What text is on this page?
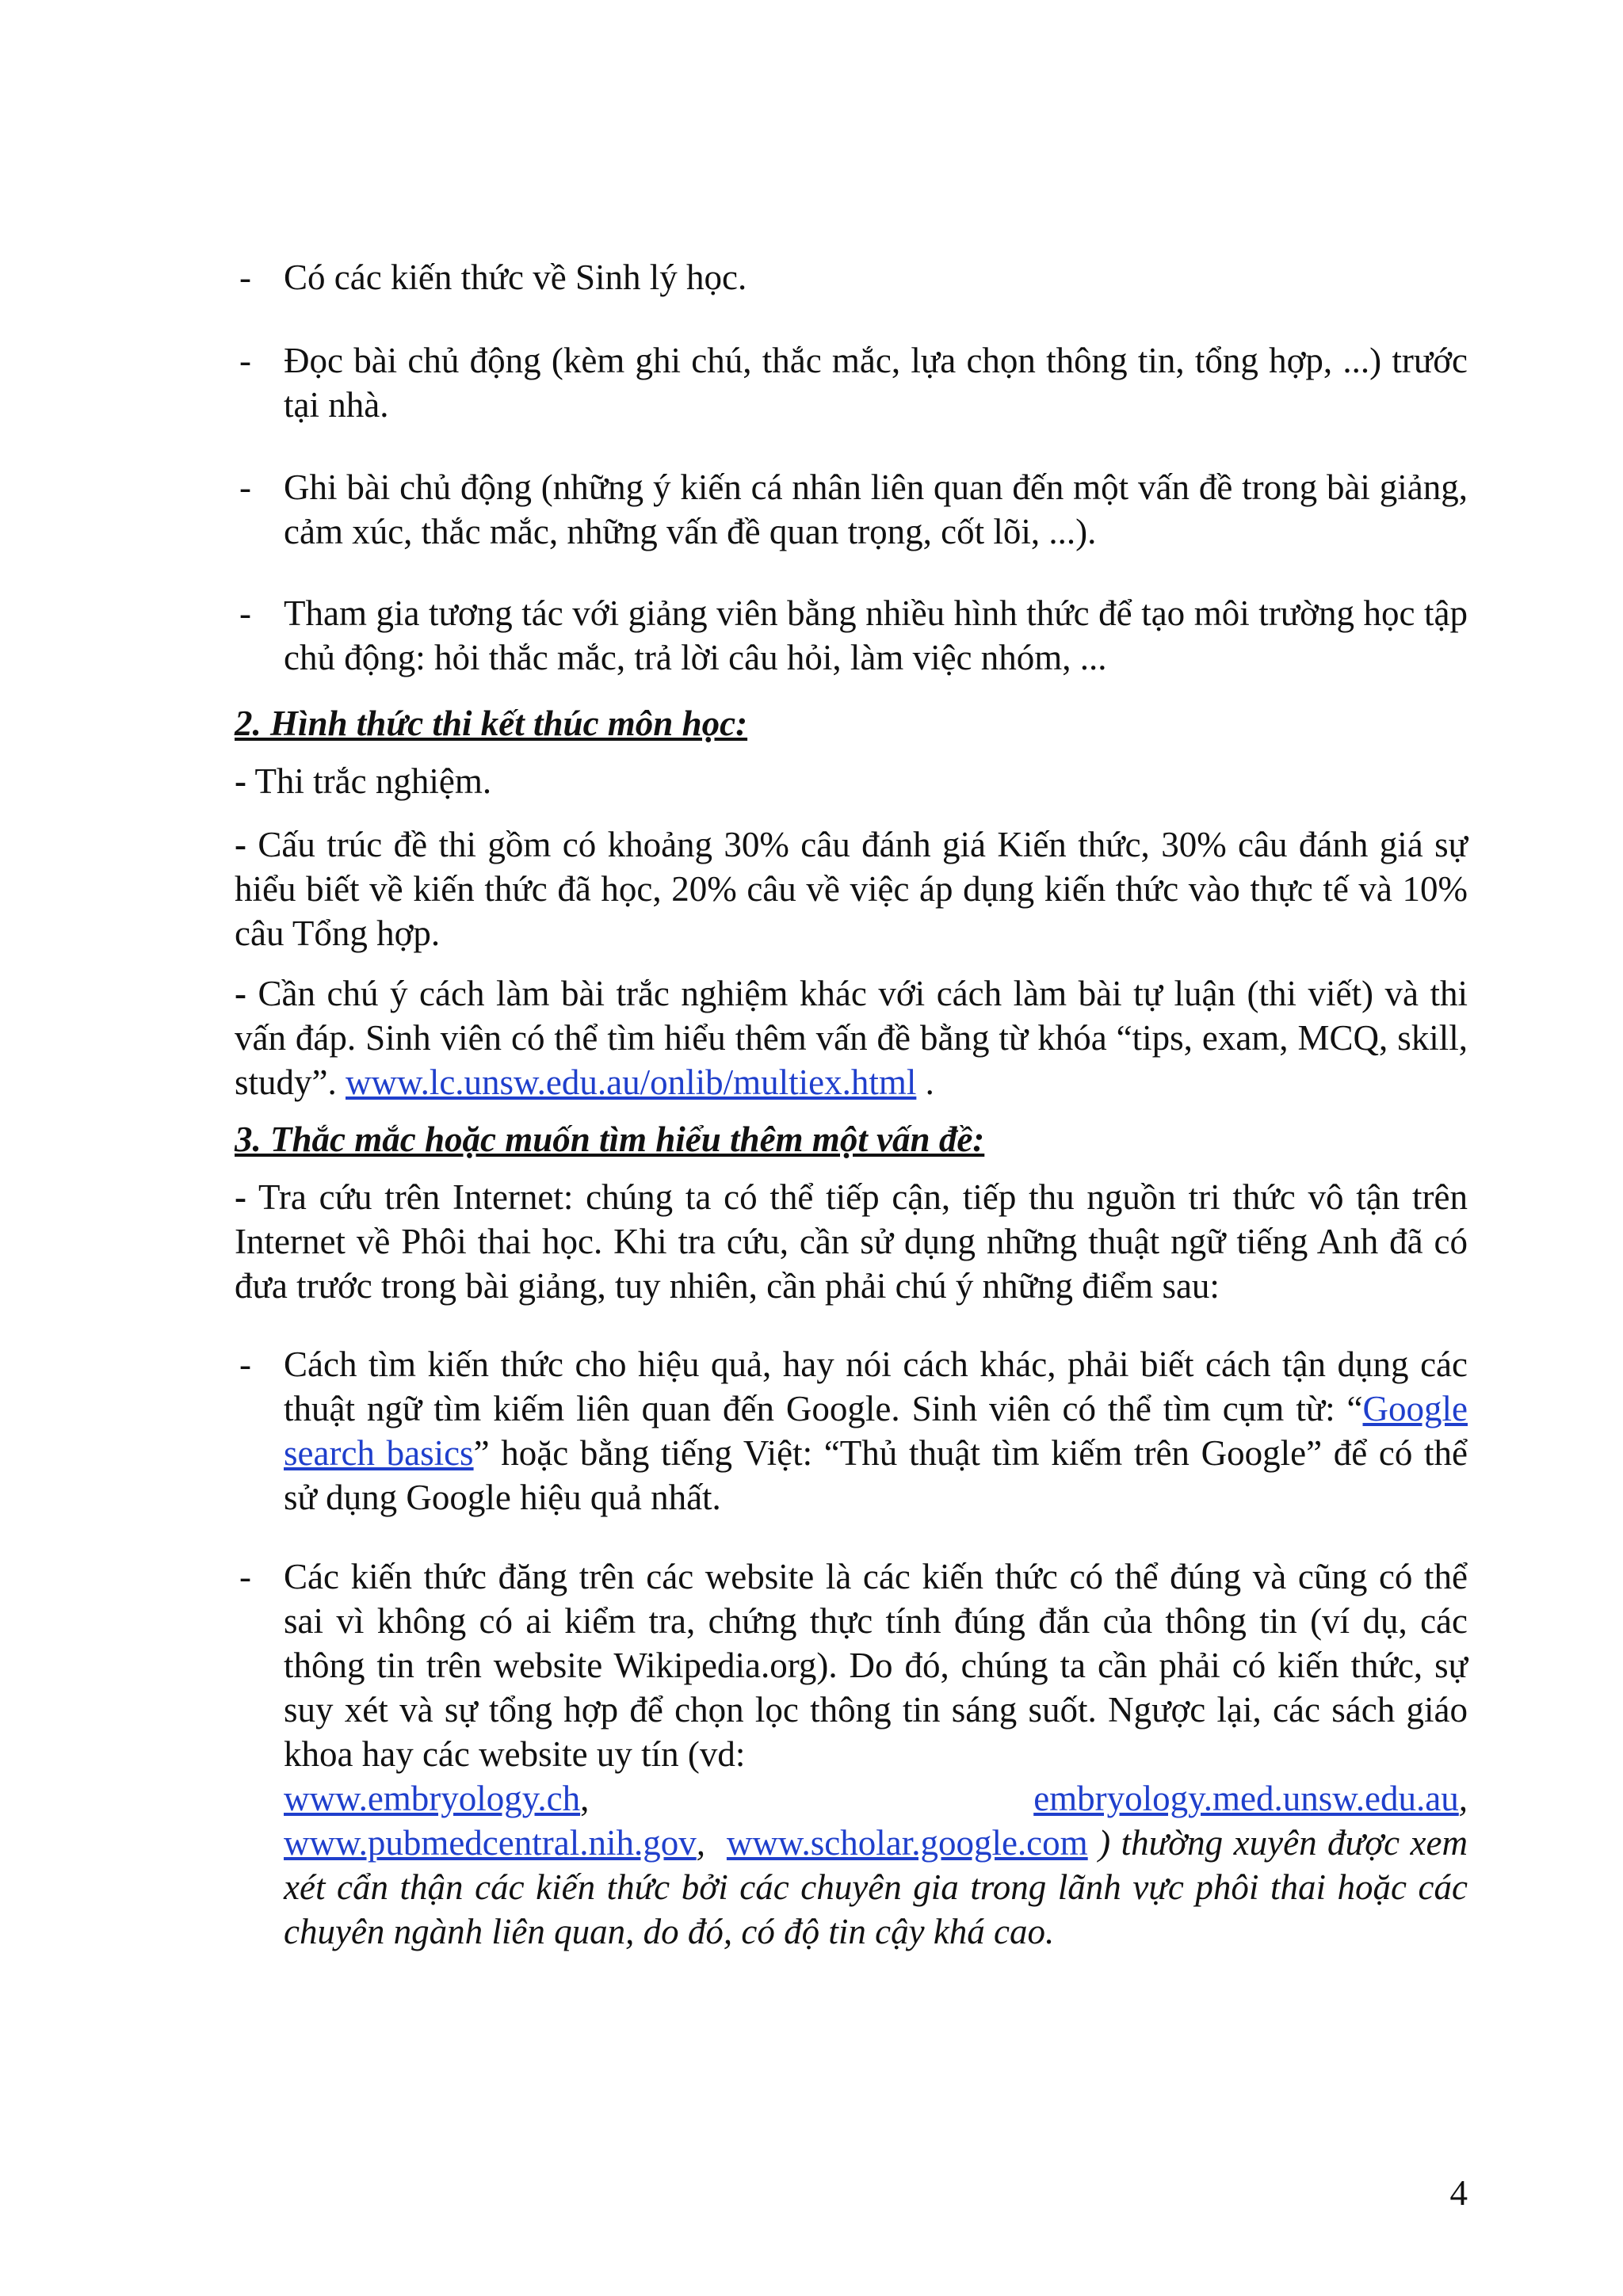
- Có các kiến thức về Sinh lý học.
- Đọc bài chủ động (kèm ghi chú, thắc mắc, lựa chọn thông tin, tổng hợp, ...) trước tại nhà.
- Ghi bài chủ động (những ý kiến cá nhân liên quan đến một vấn đề trong bài giảng, cảm xúc, thắc mắc, những vấn đề quan trọng, cốt lõi, ...).
- Tham gia tương tác với giảng viên bằng nhiều hình thức để tạo môi trường học tập chủ động: hỏi thắc mắc, trả lời câu hỏi, làm việc nhóm, ...
2. Hình thức thi kết thúc môn học:
- Thi trắc nghiệm.
- Cấu trúc đề thi gồm có khoảng 30% câu đánh giá Kiến thức, 30% câu đánh giá sự hiểu biết về kiến thức đã học, 20% câu về việc áp dụng kiến thức vào thực tế và 10% câu Tổng hợp.
- Cần chú ý cách làm bài trắc nghiệm khác với cách làm bài tự luận (thi viết) và thi vấn đáp. Sinh viên có thể tìm hiểu thêm vấn đề bằng từ khóa “tips, exam, MCQ, skill, study”. www.lc.unsw.edu.au/onlib/multiex.html .
3. Thắc mắc hoặc muốn tìm hiểu thêm một vấn đề:
- Tra cứu trên Internet: chúng ta có thể tiếp cận, tiếp thu nguồn tri thức vô tận trên Internet về Phôi thai học. Khi tra cứu, cần sử dụng những thuật ngữ tiếng Anh đã có đưa trước trong bài giảng, tuy nhiên, cần phải chú ý những điểm sau:
- Cách tìm kiến thức cho hiệu quả, hay nói cách khác, phải biết cách tận dụng các thuật ngữ tìm kiếm liên quan đến Google. Sinh viên có thể tìm cụm từ: “Google search basics” hoặc bằng tiếng Việt: “Thủ thuật tìm kiếm trên Google” để có thể sử dụng Google hiệu quả nhất.
- Các kiến thức đăng trên các website là các kiến thức có thể đúng và cũng có thể sai vì không có ai kiểm tra, chứng thực tính đúng đắn của thông tin (ví dụ, các thông tin trên website Wikipedia.org). Do đó, chúng ta cần phải có kiến thức, sự suy xét và sự tổng hợp để chọn lọc thông tin sáng suốt. Ngược lại, các sách giáo khoa hay các website uy tín (vd:
www.embryology.ch,	embryology.med.unsw.edu.au,
www.pubmedcentral.nih.gov, www.scholar.google.com ) thường xuyên được xem xét cẩn thận các kiến thức bởi các chuyên gia trong lãnh vực phôi thai hoặc các chuyên ngành liên quan, do đó, có độ tin cậy khá cao.
4
